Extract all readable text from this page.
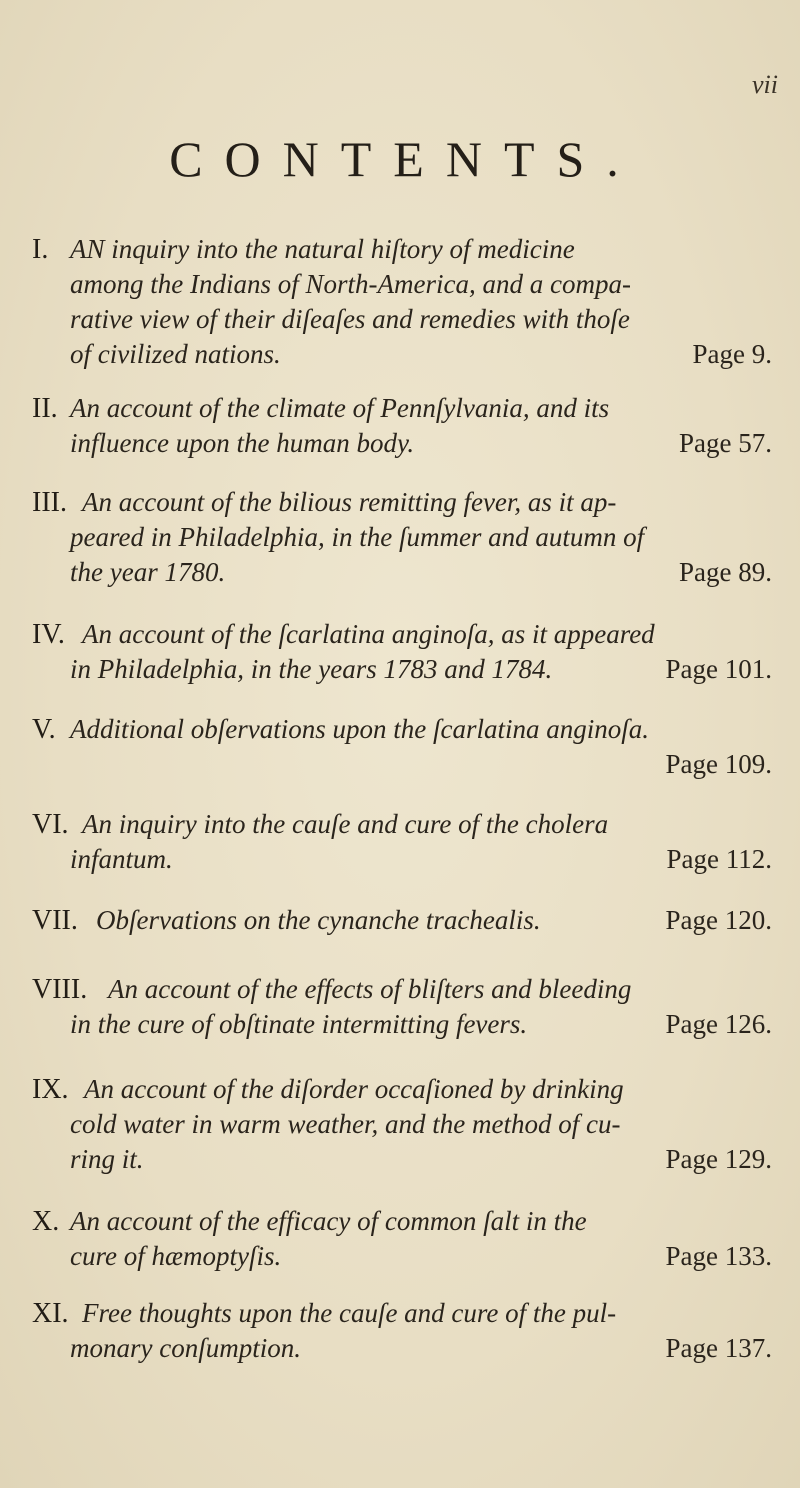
vii
CONTENTS.
I. AN inquiry into the natural hiſtory of medicine
among the Indians of North-America, and a compa-
rative view of their diſeaſes and remedies with thoſe
of civilized nations.	Page 9.
II. An account of the climate of Pennſylvania, and its
influence upon the human body.	Page 57.
III. An account of the bilious remitting fever, as it ap-
peared in Philadelphia, in the ſummer and autumn of
the year 1780.	Page 89.
IV. An account of the ſcarlatina anginoſa, as it appeared
in Philadelphia, in the years 1783 and 1784.	Page 101.
V. Additional obſervations upon the ſcarlatina anginoſa.
Page 109.
VI. An inquiry into the cauſe and cure of the cholera
infantum.	Page 112.
VII. Obſervations on the cynanche trachealis.	Page 120.
VIII. An account of the effects of bliſters and bleeding
in the cure of obſtinate intermitting fevers.	Page 126.
IX. An account of the diſorder occaſioned by drinking
cold water in warm weather, and the method of cu-
ring it.	Page 129.
X. An account of the efficacy of common ſalt in the
cure of hæmoptyſis.	Page 133.
XI. Free thoughts upon the cauſe and cure of the pul-
monary conſumption.	Page 137.
